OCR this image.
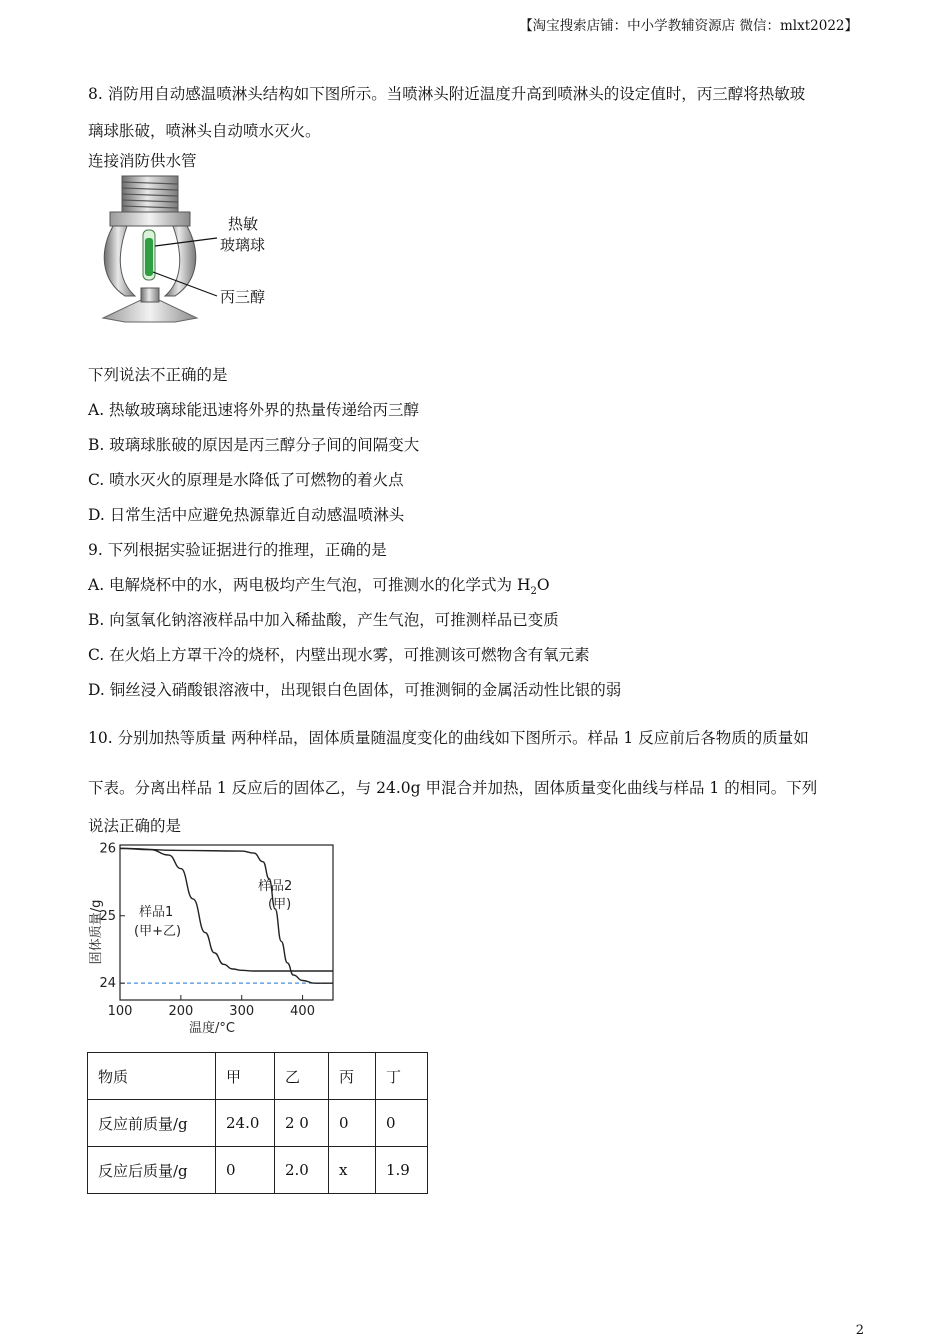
【淘宝搜索店铺：中小学教辅资源店 微信：mlxt2022】
8. 消防用自动感温喷淋头结构如下图所示。当喷淋头附近温度升高到喷淋头的设定值时，丙三醇将热敏玻
璃球胀破，喷淋头自动喷水灭火。
连接消防供水管
热敏
玻璃球
丙三醇
下列说法不正确的是
A. 热敏玻璃球能迅速将外界的热量传递给丙三醇
B. 玻璃球胀破的原因是丙三醇分子间的间隔变大
C. 喷水灭火的原理是水降低了可燃物的着火点
D. 日常生活中应避免热源靠近自动感温喷淋头
9. 下列根据实验证据进行的推理，正确的是
A. 电解烧杯中的水，两电极均产生气泡，可推测水的化学式为 $H_2O$
B. 向氢氧化钠溶液样品中加入稀盐酸，产生气泡，可推测样品已变质
C. 在火焰上方罩干冷的烧杯，内壁出现水雾，可推测该可燃物含有氧元素
D. 铜丝浸入硝酸银溶液中，出现银白色固体，可推测铜的金属活动性比银的弱
10. 分别加热等质量 两种样品，固体质量随温度变化的曲线如下图所示。样品 1 反应前后各物质的质量如
下表。分离出样品 1 反应后的固体乙，与 24.0g 甲混合并加热，固体质量变化曲线与样品 1 的相同。下列
说法正确的是
24
25
26
100	200	300	400
样品1
(甲+乙)
样品2
(甲)
温度/°C
固体质量/g
物质	甲	乙	丙	丁
反应前质量/g	24.0	2 0	0	0
反应后质量/g	0	2.0	x	1.9
2
